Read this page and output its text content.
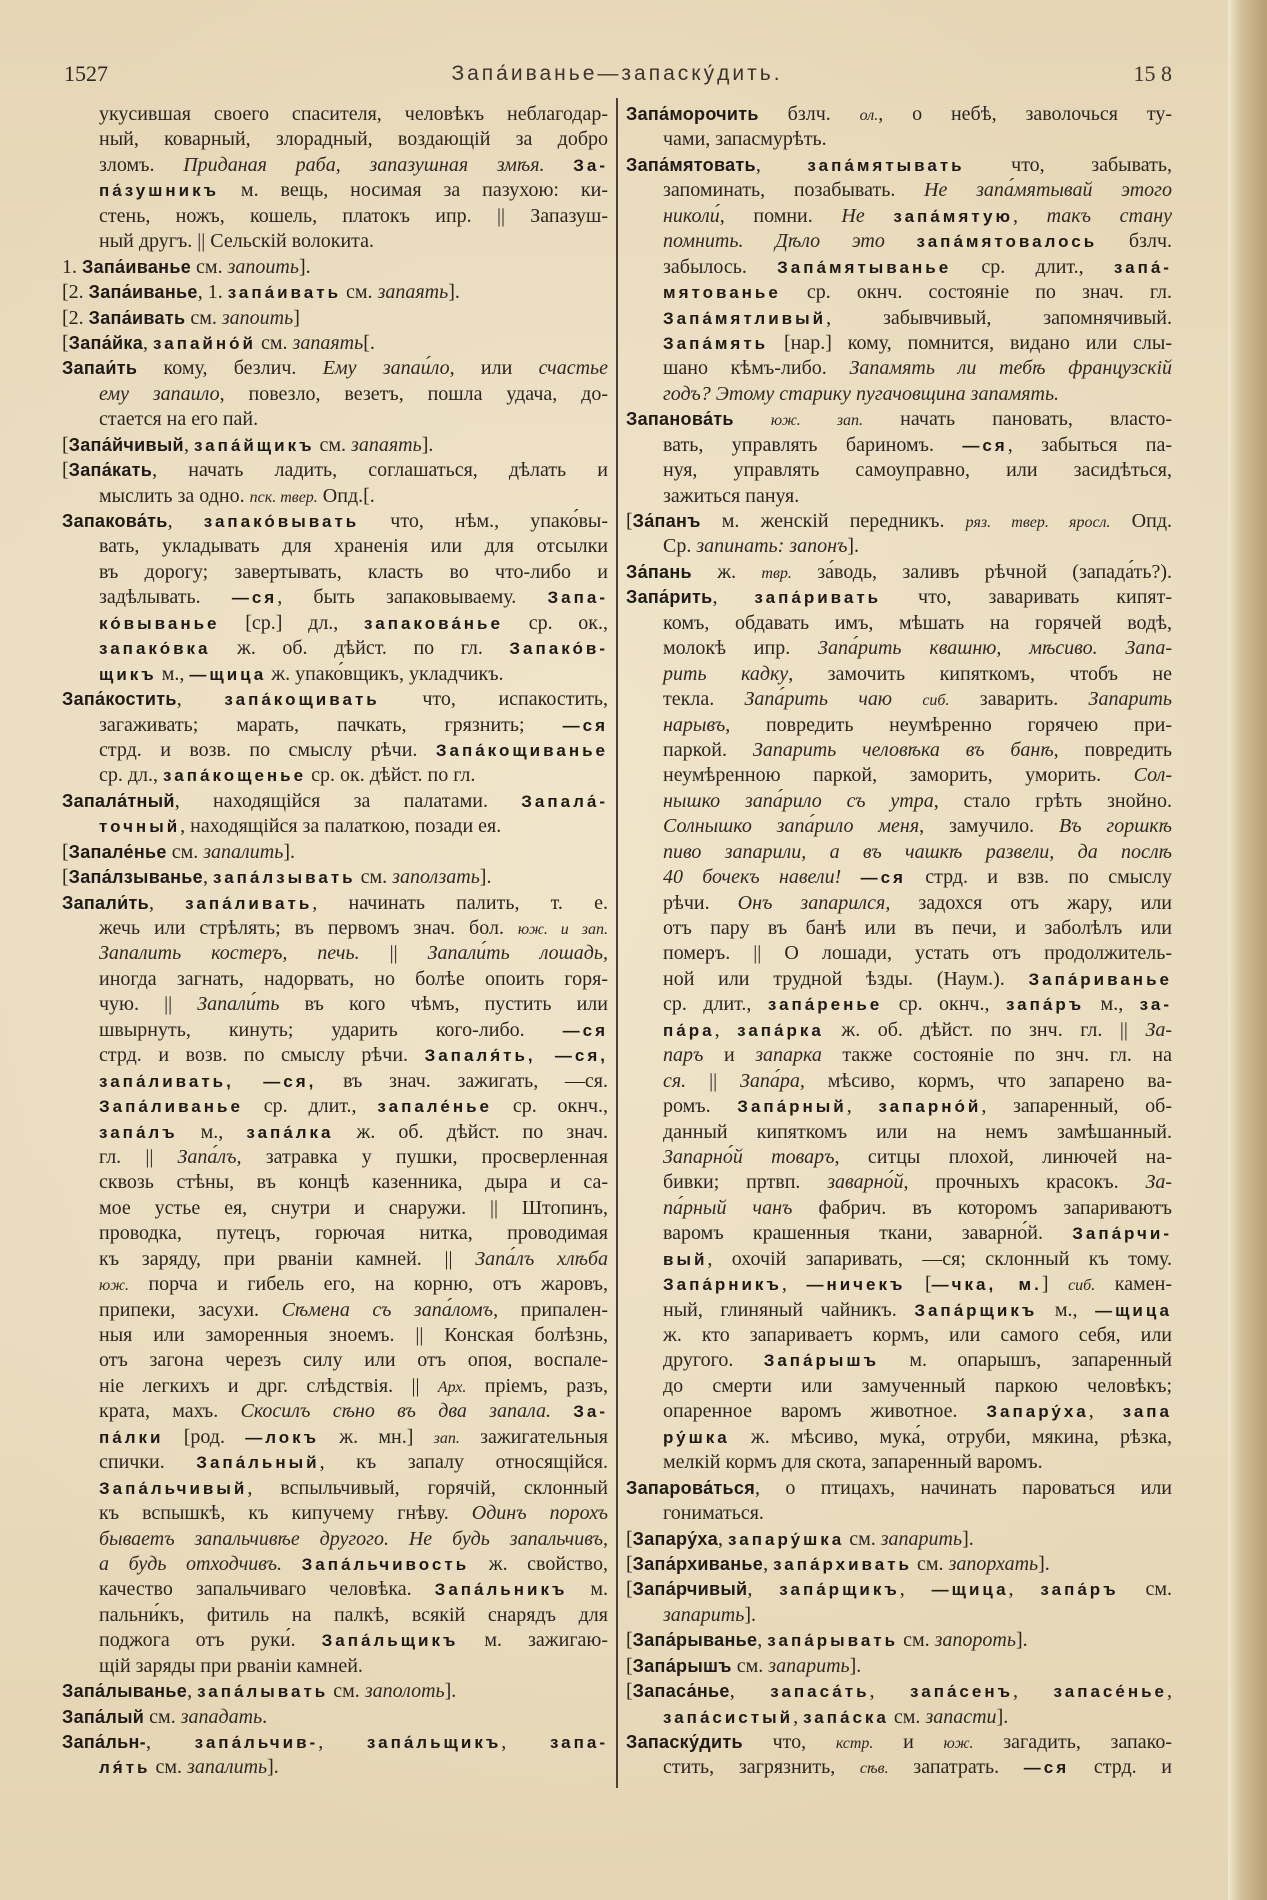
1527	Запа́иванье—запаску́дить.	15 8
укусившая своего спасителя, человѣкъ неблагодар-
ный, коварный, злорадный, воздающій за добро
зломъ. Приданая раба, запазушная змѣя. За-
па́зушникъ м. вещь, носимая за пазухою: ки-
стень, ножъ, кошель, платокъ ипр. || Запазуш-
ный другъ. || Сельскій волокита.
1. Запа́иванье см. запоить].
[2. Запа́иванье, 1. запа́ивать см. запаять].
[2. Запа́ивать см. запоить]
[Запа́йка, запайно́й см. запаять[.
Запаи́ть кому, безлич. Ему запаи́ло, или счастье
ему запаило, повезло, везетъ, пошла удача, до-
стается на его пай.
[Запа́йчивый, запа́йщикъ см. запаять].
[Запа́кать, начать ладить, соглашаться, дѣлать и
мыслить за одно. пск. твер. Опд.[.
Запакова́ть, запако́вывать что, нѣм., упако́вы-
вать, укладывать для храненія или для отсылки
въ дорогу; завертывать, класть во что-либо и
задѣлывать. —ся, быть запаковываему. Запа-
ко́выванье [ср.] дл., запакова́нье ср. ок.,
запако́вка ж. об. дѣйст. по гл. Запако́в-
щикъ м., —щица ж. упако́вщикъ, укладчикъ.
Запа́костить, запа́кощивать что, испакостить,
загаживать; марать, пачкать, грязнить; —ся
стрд. и возв. по смыслу рѣчи. Запа́кощиванье
ср. дл., запа́кощенье ср. ок. дѣйст. по гл.
Запала́тный, находящійся за палатами. Запала́-
точный, находящійся за палаткою, позади ея.
[Запале́нье см. запалить].
[Запа́лзыванье, запа́лзывать см. заползать].
Запали́ть, запа́ливать, начинать палить, т. е.
жечь или стрѣлять; въ первомъ знач. бол. юж. и зап.
Запалить костеръ, печь. || Запали́ть лошадь,
иногда загнать, надорвать, но болѣе опоить горя-
чую. || Запали́ть въ кого чѣмъ, пустить или
швырнуть, кинуть; ударить кого-либо. —ся
стрд. и возв. по смыслу рѣчи. Запаля́ть, —ся,
запа́ливать, —ся, въ знач. зажигать, —ся.
Запа́ливанье ср. длит., запале́нье ср. окнч.,
запа́лъ м., запа́лка ж. об. дѣйст. по знач.
гл. || Запа́лъ, затравка у пушки, просверленная
сквозь стѣны, въ концѣ казенника, дыра и са-
мое устье ея, снутри и снаружи. || Штопинъ,
проводка, путецъ, горючая нитка, проводимая
къ заряду, при рваніи камней. || Запа́лъ хлѣба
юж. порча и гибель его, на корню, отъ жаровъ,
припеки, засухи. Сѣмена съ запа́ломъ, припален-
ныя или заморенныя зноемъ. || Конская болѣзнь,
отъ загона черезъ силу или отъ опоя, воспале-
ніе легкихъ и дрг. слѣдствія. || Арх. пріемъ, разъ,
крата, махъ. Скосилъ сѣно въ два запала. За-
па́лки [род. —локъ ж. мн.] зап. зажигательныя
спички. Запа́льный, къ запалу относящійся.
Запа́льчивый, вспыльчивый, горячій, склонный
къ вспышкѣ, къ кипучему гнѣву. Одинъ порохъ
бываетъ запальчивѣе другого. Не будь запальчивъ,
а будь отходчивъ. Запа́льчивость ж. свойство,
качество запальчиваго человѣка. Запа́льникъ м.
пальни́къ, фитиль на палкѣ, всякій снарядъ для
поджога отъ руки́. Запа́льщикъ м. зажигаю-
щій заряды при рваніи камней.
Запа́лыванье, запа́лывать см. заполоть].
Запа́лый см. западать.
Запа́льн-, запа́льчив-, запа́льщикъ, запа-
ля́ть см. запалить].
Запа́морочить бзлч. ол., о небѣ, заволочься ту-
чами, запасмурѣть.
Запа́мятовать, запа́мятывать что, забывать,
запоминать, позабывать. Не запа́мятывай этого
николи́, помни. Не запа́мятую, такъ стану
помнить. Дѣло это запа́мятовалось бзлч.
забылось. Запа́мятыванье ср. длит., запа́-
мятованье ср. окнч. состояніе по знач. гл.
Запа́мятливый, забывчивый, запомнячивый.
Запа́мять [нар.] кому, помнится, видано или слы-
шано кѣмъ-либо. Запамять ли тебѣ французскій
годъ? Этому старику пугачовщина запамять.
Запанова́ть юж. зап. начать пановать, власто-
вать, управлять бариномъ. —ся, забыться па-
нуя, управлять самоуправно, или засидѣться,
зажиться пануя.
[За́панъ м. женскій передникъ. ряз. твер. яросл. Опд.
Ср. запинать: запонъ].
За́пань ж. твр. за́водь, заливъ рѣчной (запада́ть?).
Запа́рить, запа́ривать что, заваривать кипят-
комъ, обдавать имъ, мѣшать на горячей водѣ,
молокѣ ипр. Запа́рить квашню, мѣсиво. Запа-
рить кадку, замочить кипяткомъ, чтобъ не
текла. Запа́рить чаю сиб. заварить. Запарить
нарывъ, повредить неумѣренно горячею при-
паркой. Запарить человѣка въ банѣ, повредить
неумѣренною паркой, заморить, уморить. Сол-
нышко запа́рило съ утра, стало грѣть знойно.
Солнышко запа́рило меня, замучило. Въ горшкѣ
пиво запарили, а въ чашкѣ развели, да послѣ
40 бочекъ навели! —ся стрд. и взв. по смыслу
рѣчи. Онъ запарился, задохся отъ жару, или
отъ пару въ банѣ или въ печи, и заболѣлъ или
померъ. || О лошади, устать отъ продолжитель-
ной или трудной ѣзды. (Наум.). Запа́риванье
ср. длит., запа́ренье ср. окнч., запа́ръ м., за-
па́ра, запа́рка ж. об. дѣйст. по знч. гл. || За-
паръ и запарка также состояніе по знч. гл. на
ся. || Запа́ра, мѣсиво, кормъ, что запарено ва-
ромъ. Запа́рный, запарно́й, запаренный, об-
данный кипяткомъ или на немъ замѣшанный.
Запарно́й товаръ, ситцы плохой, линючей на-
бивки; пртвп. заварно́й, прочныхъ красокъ. За-
па́рный чанъ фабрич. въ которомъ запариваютъ
варомъ крашенныя ткани, заварно́й. Запа́рчи-
вый, охочій запаривать, —ся; склонный къ тому.
Запа́рникъ, —ничекъ [—чка, м.] сиб. камен-
ный, глиняный чайникъ. Запа́рщикъ м., —щица
ж. кто запариваетъ кормъ, или самого себя, или
другого. Запа́рышъ м. опарышъ, запаренный
до смерти или замученный паркою человѣкъ;
опаренное варомъ животное. Запару́ха, запа
ру́шка ж. мѣсиво, мука́, отруби, мякина, рѣзка,
мелкій кормъ для скота, запаренный варомъ.
Запарова́ться, о птицахъ, начинать пароваться или
гониматься.
[Запару́ха, запару́шка см. запарить].
[Запа́рхиванье, запа́рхивать см. запорхать].
[Запа́рчивый, запа́рщикъ, —щица, запа́ръ см.
запарить].
[Запа́рыванье, запа́рывать см. запороть].
[Запа́рышъ см. запарить].
[Запаса́нье, запаса́ть, запа́сенъ, запасе́нье,
запа́систый, запа́ска см. запасти].
Запаску́дить что, кстр. и юж. загадить, запако-
стить, загрязнить, сѣв. запатрать. —ся стрд. и
